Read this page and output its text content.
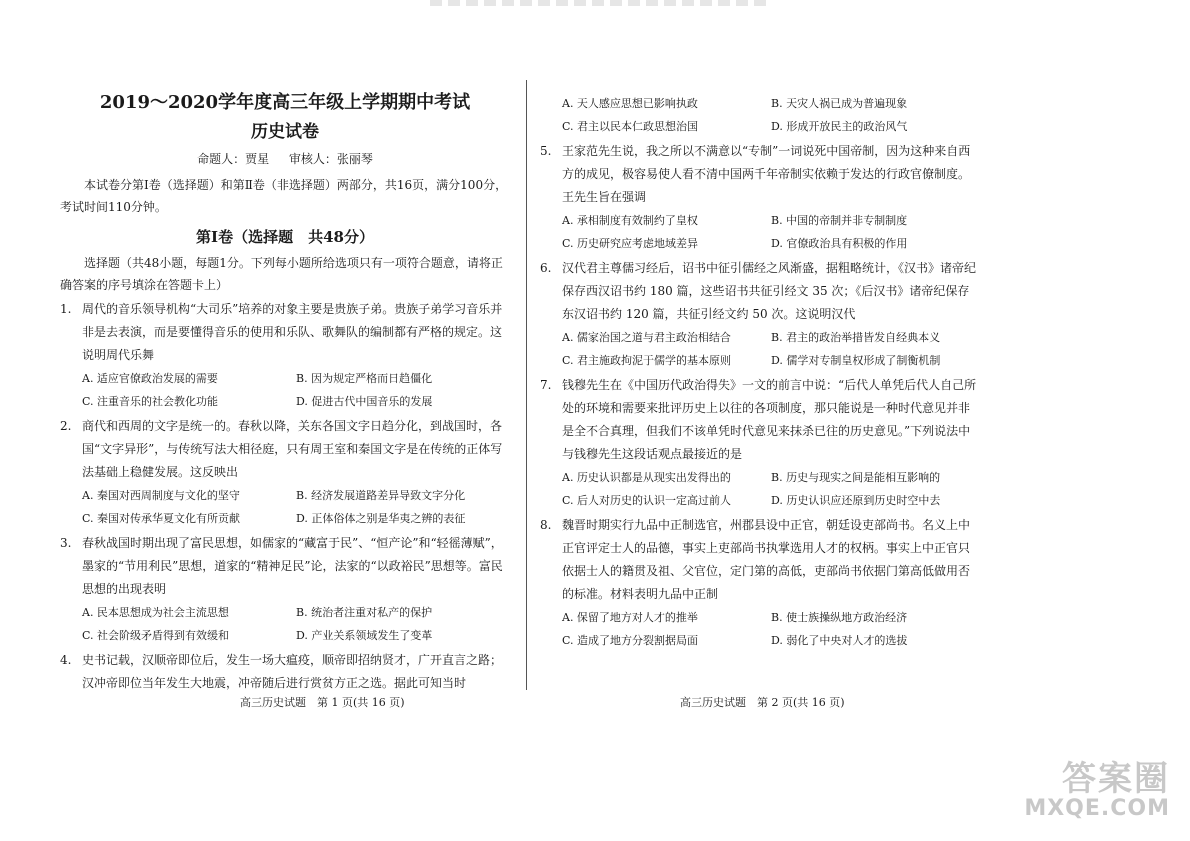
2019～2020学年度高三年级上学期期中考试

历史试卷

命题人：贾星 审核人：张丽琴

本试卷分第Ⅰ卷（选择题）和第Ⅱ卷（非选择题）两部分，共16页，满分100分，考试时间110分钟。

第Ⅰ卷（选择题　共48分）

选择题（共48小题，每题1分。下列每小题所给选项只有一项符合题意，请将正确答案的序号填涂在答题卡上）

1. 周代的音乐领导机构“大司乐”培养的对象主要是贵族子弟。贵族子弟学习音乐并非是去表演，而是要懂得音乐的使用和乐队、歌舞队的编制都有严格的规定。这说明周代乐舞

A. 适应官僚政治发展的需要	B. 因为规定严格而日趋僵化
C. 注重音乐的社会教化功能	D. 促进古代中国音乐的发展

2. 商代和西周的文字是统一的。春秋以降，关东各国文字日趋分化，到战国时，各国“文字异形”，与传统写法大相径庭，只有周王室和秦国文字是在传统的正体写法基础上稳健发展。这反映出

A. 秦国对西周制度与文化的坚守	B. 经济发展道路差异导致文字分化
C. 秦国对传承华夏文化有所贡献	D. 正体俗体之别是华夷之辨的表征

3. 春秋战国时期出现了富民思想，如儒家的“藏富于民”、“恒产论”和“轻徭薄赋”，墨家的“节用利民”思想，道家的“精神足民”论，法家的“以政裕民”思想等。富民思想的出现表明

A. 民本思想成为社会主流思想	B. 统治者注重对私产的保护
C. 社会阶级矛盾得到有效缓和	D. 产业关系领域发生了变革

4. 史书记载，汉顺帝即位后，发生一场大瘟疫，顺帝即招纳贤才，广开直言之路；汉冲帝即位当年发生大地震，冲帝随后进行赏贫方正之选。据此可知当时

A. 天人感应思想已影响执政	B. 天灾人祸已成为普遍现象
C. 君主以民本仁政思想治国	D. 形成开放民主的政治风气

5. 王家范先生说，我之所以不满意以“专制”一词说死中国帝制，因为这种来自西方的成见，极容易使人看不清中国两千年帝制实依赖于发达的行政官僚制度。王先生旨在强调

A. 承相制度有效制约了皇权	B. 中国的帝制并非专制制度
C. 历史研究应考虑地域差异	D. 官僚政治具有积极的作用

6. 汉代君主尊儒习经后，诏书中征引儒经之风渐盛，据粗略统计，《汉书》诸帝纪保存西汉诏书约 180 篇，这些诏书共征引经文 35 次；《后汉书》诸帝纪保存东汉诏书约 120 篇，共征引经文约 50 次。这说明汉代

A. 儒家治国之道与君主政治相结合	B. 君主的政治举措皆发自经典本义
C. 君主施政拘泥于儒学的基本原则	D. 儒学对专制皇权形成了制衡机制

7. 钱穆先生在《中国历代政治得失》一文的前言中说：“后代人单凭后代人自己所处的环境和需要来批评历史上以往的各项制度，那只能说是一种时代意见并非是全不合真理，但我们不该单凭时代意见来抹杀已往的历史意见。”下列说法中与钱穆先生这段话观点最接近的是

A. 历史认识都是从现实出发得出的	B. 历史与现实之间是能相互影响的
C. 后人对历史的认识一定高过前人	D. 历史认识应还原到历史时空中去

8. 魏晋时期实行九品中正制选官，州郡县设中正官，朝廷设吏部尚书。名义上中正官评定士人的品德，事实上吏部尚书执掌选用人才的权柄。事实上中正官只依据士人的籍贯及祖、父官位，定门第的高低，吏部尚书依据门第高低做用否的标准。材料表明九品中正制

A. 保留了地方对人才的推举	B. 使士族操纵地方政治经济
C. 造成了地方分裂割据局面	D. 弱化了中央对人才的选拔
高三历史试题　第 1 页(共 16 页)	高三历史试题　第 2 页(共 16 页)
答案圈
MXQE.COM
